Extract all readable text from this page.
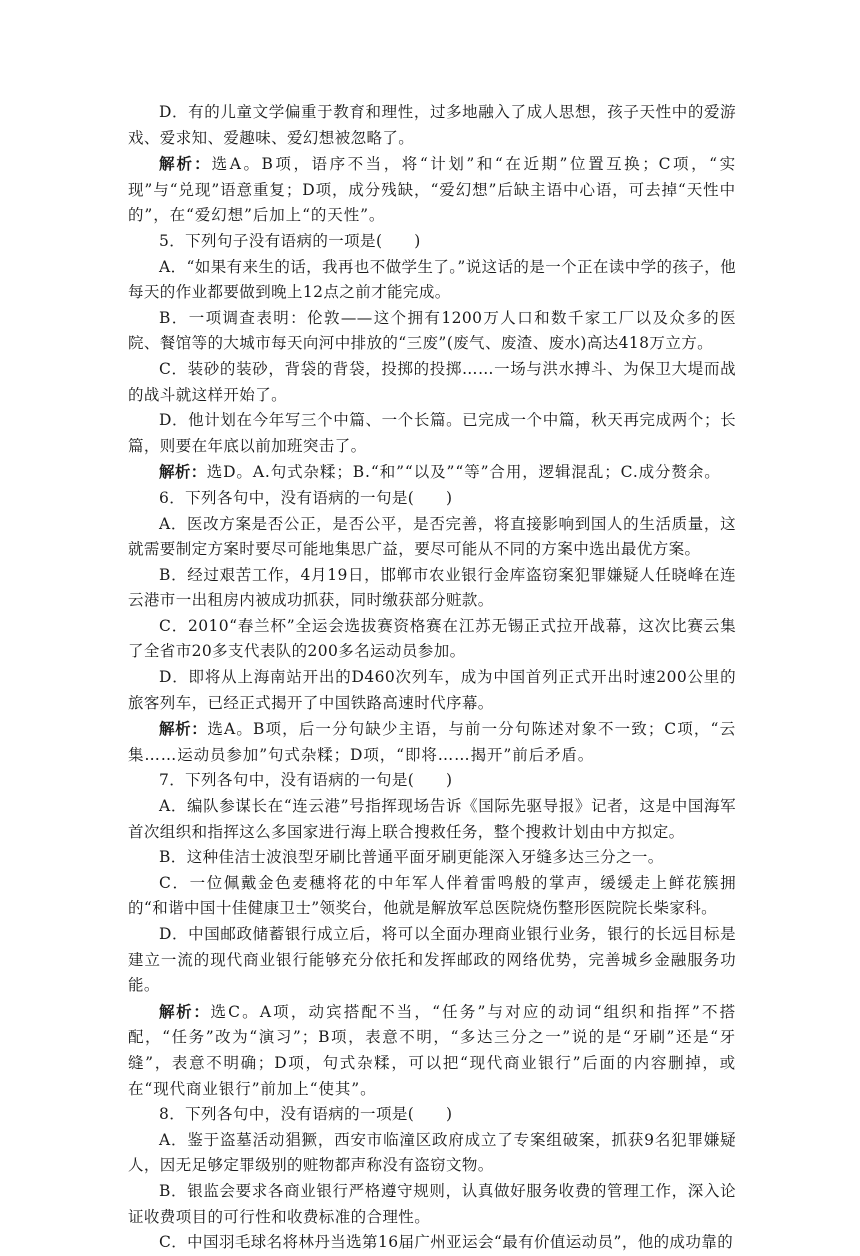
D．有的儿童文学偏重于教育和理性，过多地融入了成人思想，孩子天性中的爱游戏、爱求知、爱趣味、爱幻想被忽略了。

解析：选A。B项，语序不当，将“计划”和“在近期”位置互换；C项，“实现”与“兑现”语意重复；D项，成分残缺，“爱幻想”后缺主语中心语，可去掉“天性中的”，在“爱幻想”后加上“的天性”。

5．下列句子没有语病的一项是(　　)

A．“如果有来生的话，我再也不做学生了。”说这话的是一个正在读中学的孩子，他每天的作业都要做到晚上12点之前才能完成。

B．一项调查表明：伦敦——这个拥有1200万人口和数千家工厂以及众多的医院、餐馆等的大城市每天向河中排放的“三废”(废气、废渣、废水)高达418万立方。

C．装砂的装砂，背袋的背袋，投掷的投掷……一场与洪水搏斗、为保卫大堤而战的战斗就这样开始了。

D．他计划在今年写三个中篇、一个长篇。已完成一个中篇，秋天再完成两个；长篇，则要在年底以前加班突击了。

解析：选D。A.句式杂糅；B.“和”“以及”“等”合用，逻辑混乱；C.成分赘余。

6．下列各句中，没有语病的一句是(　　)

A．医改方案是否公正，是否公平，是否完善，将直接影响到国人的生活质量，这就需要制定方案时要尽可能地集思广益，要尽可能从不同的方案中选出最优方案。

B．经过艰苦工作，4月19日，邯郸市农业银行金库盗窃案犯罪嫌疑人任晓峰在连云港市一出租房内被成功抓获，同时缴获部分赃款。

C．2010“春兰杯”全运会选拔赛资格赛在江苏无锡正式拉开战幕，这次比赛云集了全省市20多支代表队的200多名运动员参加。

D．即将从上海南站开出的D460次列车，成为中国首列正式开出时速200公里的旅客列车，已经正式揭开了中国铁路高速时代序幕。

解析：选A。B项，后一分句缺少主语，与前一分句陈述对象不一致；C项，“云集……运动员参加”句式杂糅；D项，“即将……揭开”前后矛盾。

7．下列各句中，没有语病的一句是(　　)

A．编队参谋长在“连云港”号指挥现场告诉《国际先驱导报》记者，这是中国海军首次组织和指挥这么多国家进行海上联合搜救任务，整个搜救计划由中方拟定。

B．这种佳洁士波浪型牙刷比普通平面牙刷更能深入牙缝多达三分之一。

C．一位佩戴金色麦穗将花的中年军人伴着雷鸣般的掌声，缓缓走上鲜花簇拥的“和谐中国十佳健康卫士”领奖台，他就是解放军总医院烧伤整形医院院长柴家科。

D．中国邮政储蓄银行成立后，将可以全面办理商业银行业务，银行的长远目标是建立一流的现代商业银行能够充分依托和发挥邮政的网络优势，完善城乡金融服务功能。

解析：选C。A项，动宾搭配不当，“任务”与对应的动词“组织和指挥”不搭配，“任务”改为“演习”；B项，表意不明，“多达三分之一”说的是“牙刷”还是“牙缝”，表意不明确；D项，句式杂糅，可以把“现代商业银行”后面的内容删掉，或在“现代商业银行”前加上“使其”。

8．下列各句中，没有语病的一项是(　　)

A．鉴于盗墓活动猖獗，西安市临潼区政府成立了专案组破案，抓获9名犯罪嫌疑人，因无足够定罪级别的赃物都声称没有盗窃文物。

B．银监会要求各商业银行严格遵守规则，认真做好服务收费的管理工作，深入论证收费项目的可行性和收费标准的合理性。

C．中国羽毛球名将林丹当选第16届广州亚运会“最有价值运动员”，他的成功靠的
